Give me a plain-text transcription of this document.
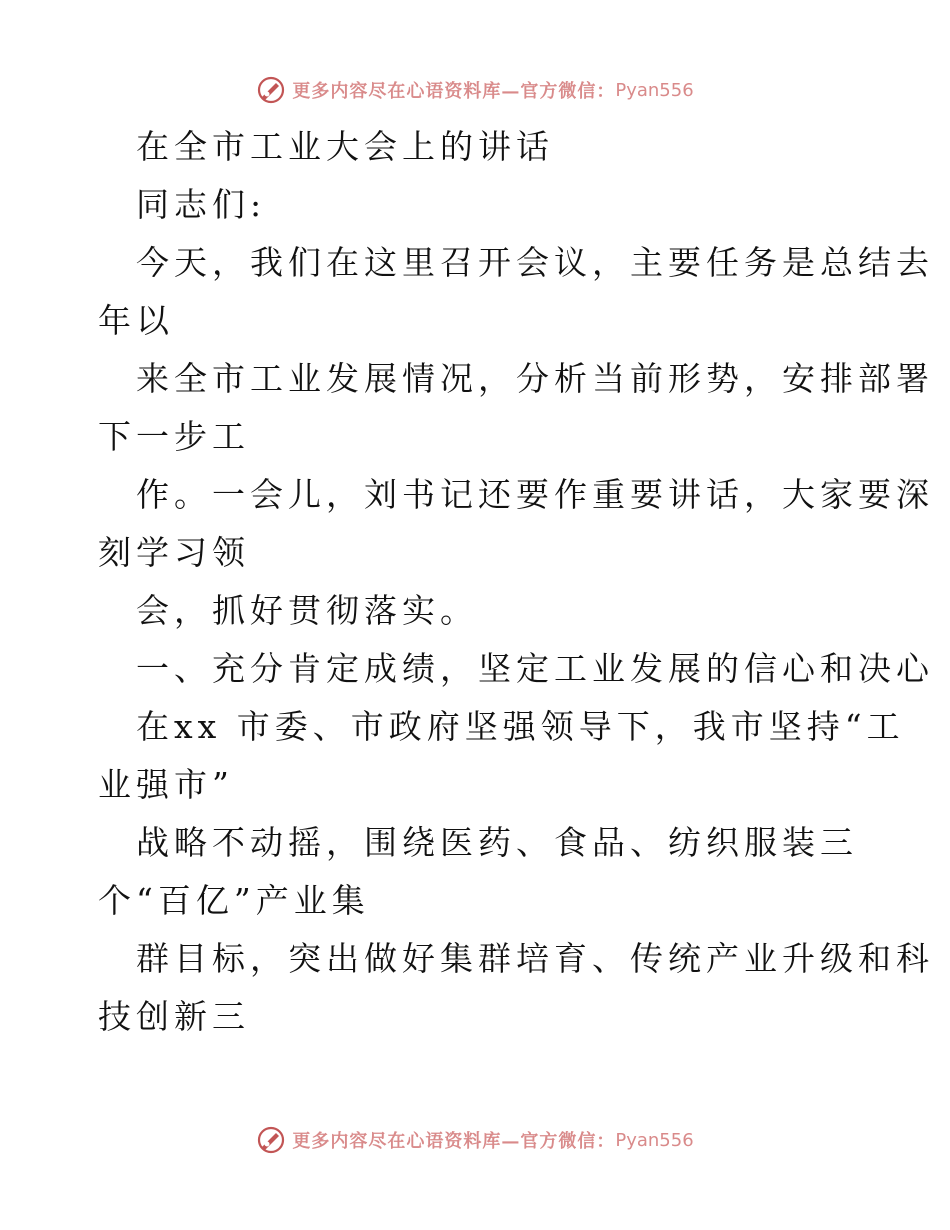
更多内容尽在心语资料库— 官方微信： Pyan556
在全市工业大会上的讲话
同志们:
今天，我们在这里召开会议，主要任务是总结去
年以
来全市工业发展情况，分析当前形势，安排部署
下一步工
作。一会儿，刘书记还要作重要讲话，大家要深
刻学习领
会，抓好贯彻落实。
一、充分肯定成绩，坚定工业发展的信心和决心
在xx 市委、市政府坚强领导下，我市坚持“工
业强市”
战略不动摇，围绕医药、食品、纺织服装三
个“百亿”产业集
群目标，突出做好集群培育、传统产业升级和科
技创新三
更多内容尽在心语资料库— 官方微信： Pyan556
